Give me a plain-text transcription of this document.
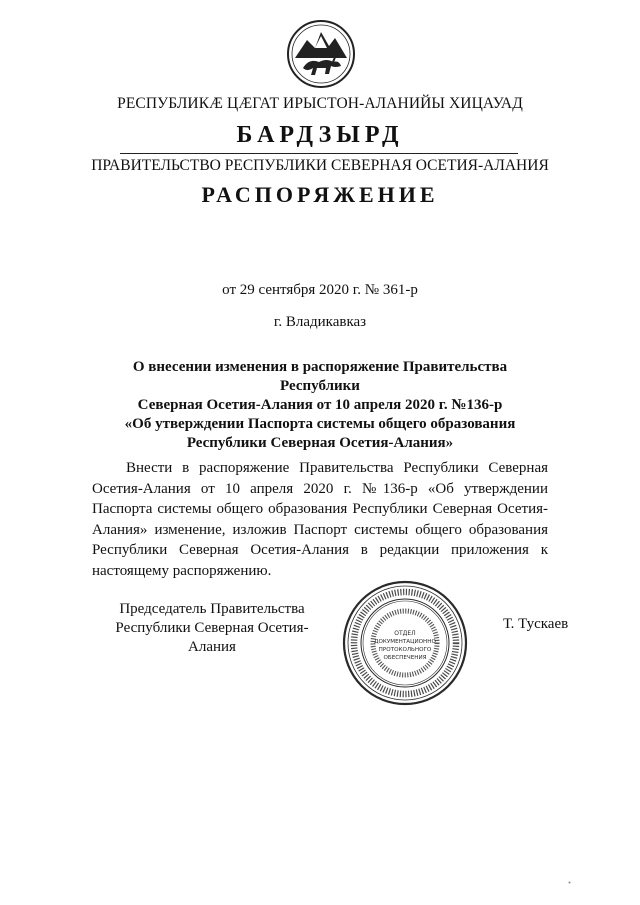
РЕСПУБЛИКӔ ЦӔГАТ ИРЫСТОН-АЛАНИЙЫ ХИЦАУАД
БАРДЗЫРД
ПРАВИТЕЛЬСТВО РЕСПУБЛИКИ СЕВЕРНАЯ ОСЕТИЯ-АЛАНИЯ
РАСПОРЯЖЕНИЕ
от 29 сентября 2020 г. № 361-р
г. Владикавказ
О внесении изменения в распоряжение Правительства Республики
Северная Осетия-Алания от 10 апреля 2020 г. №136-р
«Об утверждении Паспорта системы общего образования
Республики Северная Осетия-Алания»
Внести в распоряжение Правительства Республики Северная Осетия-Алания от 10 апреля 2020 г. №136-р «Об утверждении Паспорта системы общего образования Республики Северная Осетия-Алания» изменение, изложив Паспорт системы общего образования Республики Северная Осетия-Алания в редакции приложения к настоящему распоряжению.
Председатель Правительства
Республики Северная Осетия-Алания
ОТДЕЛ
ДОКУМЕНТАЦИОННО
ПРОТОКОЛЬНОГО
ОБЕСПЕЧЕНИЯ
Т. Тускаев
